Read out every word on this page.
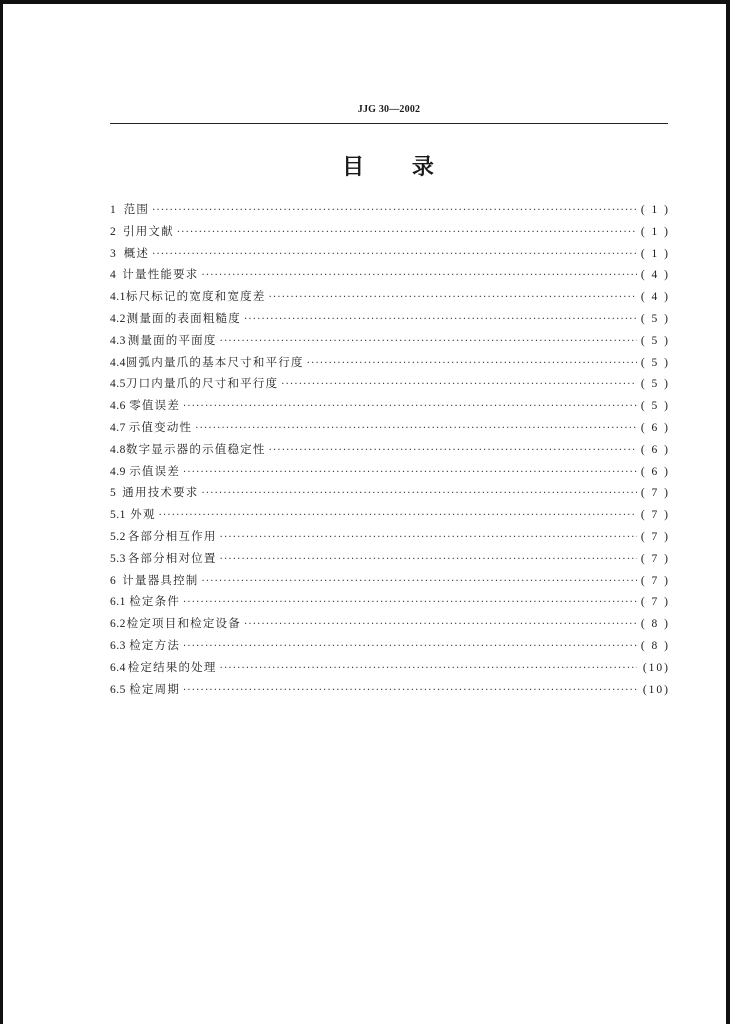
JJG 30—2002
目 录
1 范围 ·····	( 1 )
2 引用文献 ·····	( 1 )
3 概述 ·····	( 1 )
4 计量性能要求 ·····	( 4 )
4.1 标尺标记的宽度和宽度差 ·····	( 4 )
4.2 测量面的表面粗糙度 ·····	( 5 )
4.3 测量面的平面度 ·····	( 5 )
4.4 圆弧内量爪的基本尺寸和平行度 ·····	( 5 )
4.5 刀口内量爪的尺寸和平行度 ·····	( 5 )
4.6 零值误差 ·····	( 5 )
4.7 示值变动性 ·····	( 6 )
4.8 数字显示器的示值稳定性 ·····	( 6 )
4.9 示值误差 ·····	( 6 )
5 通用技术要求 ·····	( 7 )
5.1 外观 ·····	( 7 )
5.2 各部分相互作用 ·····	( 7 )
5.3 各部分相对位置 ·····	( 7 )
6 计量器具控制 ·····	( 7 )
6.1 检定条件 ·····	( 7 )
6.2 检定项目和检定设备 ·····	( 8 )
6.3 检定方法 ·····	( 8 )
6.4 检定结果的处理 ·····	(10)
6.5 检定周期 ·····	(10)
